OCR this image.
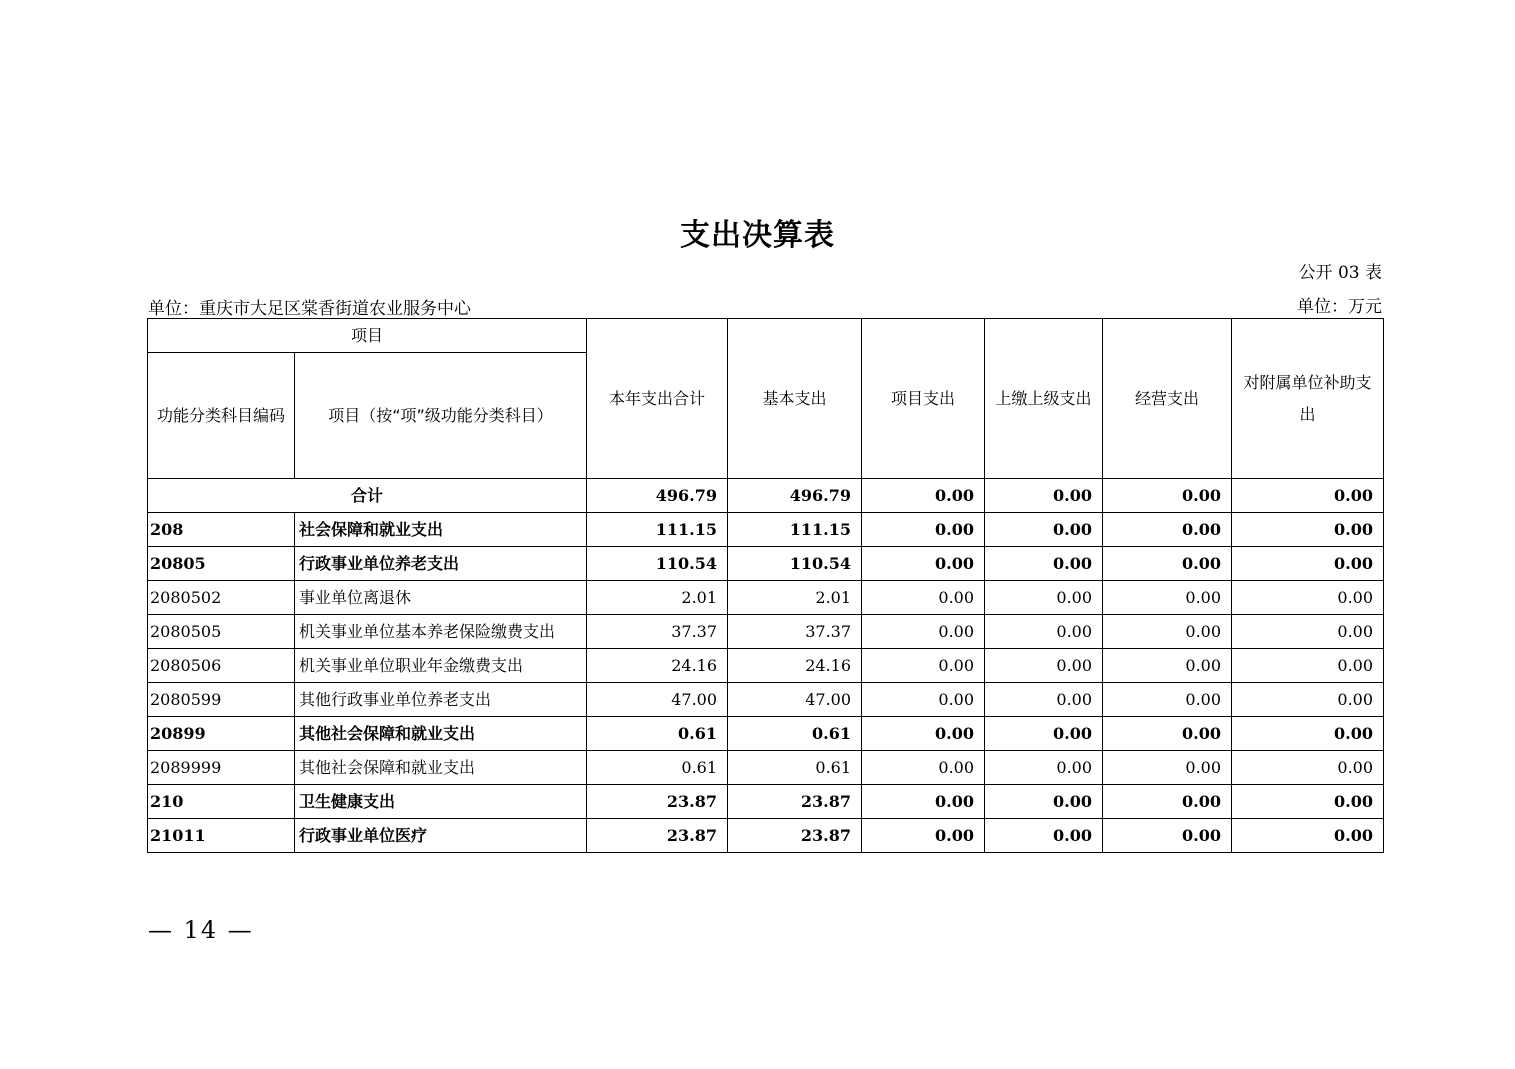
支出决算表
公开 03 表
单位：重庆市大足区棠香街道农业服务中心	单位：万元
项目		本年支出合计	基本支出	项目支出	上缴上级支出	经营支出	对附属单位补助支出
功能分类科目编码	项目（按“项”级功能分类科目）						
合计		496.79	496.79	0.00	0.00	0.00	0.00
208	社会保障和就业支出	111.15	111.15	0.00	0.00	0.00	0.00
20805	行政事业单位养老支出	110.54	110.54	0.00	0.00	0.00	0.00
2080502	事业单位离退休	2.01	2.01	0.00	0.00	0.00	0.00
2080505	机关事业单位基本养老保险缴费支出	37.37	37.37	0.00	0.00	0.00	0.00
2080506	机关事业单位职业年金缴费支出	24.16	24.16	0.00	0.00	0.00	0.00
2080599	其他行政事业单位养老支出	47.00	47.00	0.00	0.00	0.00	0.00
20899	其他社会保障和就业支出	0.61	0.61	0.00	0.00	0.00	0.00
2089999	其他社会保障和就业支出	0.61	0.61	0.00	0.00	0.00	0.00
210	卫生健康支出	23.87	23.87	0.00	0.00	0.00	0.00
21011	行政事业单位医疗	23.87	23.87	0.00	0.00	0.00	0.00
— 14 —
